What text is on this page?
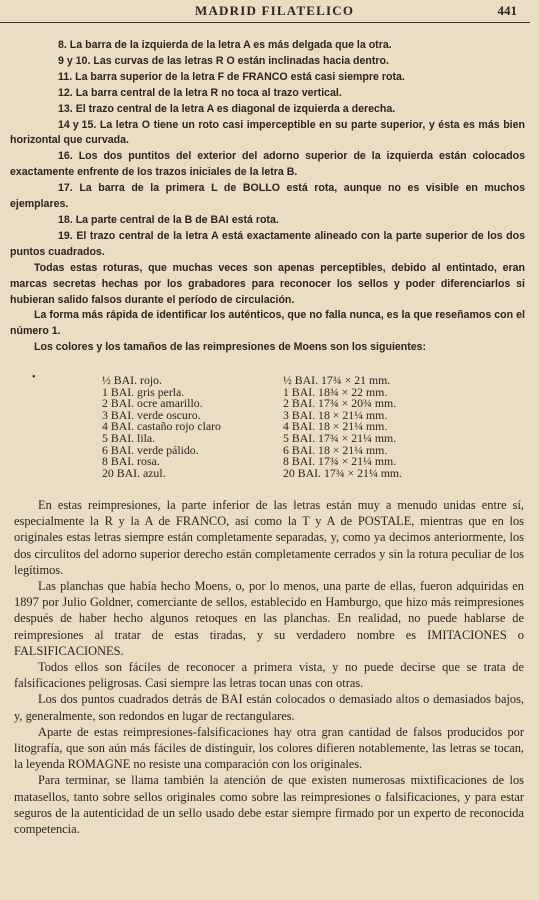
MADRID FILATELICO	441

8. La barra de la izquierda de la letra A es más delgada que la otra.

9 y 10. Las curvas de las letras R O están inclinadas hacia dentro.

11. La barra superior de la letra F de FRANCO está casi siempre rota.

12. La barra central de la letra R no toca al trazo vertical.

13. El trazo central de la letra A es diagonal de izquierda a derecha.

14 y 15. La letra O tiene un roto casi imperceptible en su parte superior, y ésta es más bien horizontal que curvada.

16. Los dos puntitos del exterior del adorno superior de la izquierda están colocados exactamente enfrente de los trazos iniciales de la letra B.

17. La barra de la primera L de BOLLO está rota, aunque no es visible en muchos ejemplares.

18. La parte central de la B de BAI está rota.

19. El trazo central de la letra A está exactamente alineado con la parte superior de los dos puntos cuadrados.

Todas estas roturas, que muchas veces son apenas perceptibles, debido al entintado, eran marcas secretas hechas por los grabadores para reconocer los sellos y poder diferenciarlos si hubieran salido falsos durante el período de circulación.

La forma más rápida de identificar los auténticos, que no falla nunca, es la que reseñamos con el número 1.

Los colores y los tamaños de las reimpresiones de Moens son los siguientes:

•	½ BAI. rojo.
1 BAI. gris perla.
2 BAI. ocre amarillo.
3 BAI. verde oscuro.
4 BAI. castaño rojo claro
5 BAI. lila.
6 BAI. verde pálido.
8 BAI. rosa.
20 BAI. azul.
½ BAI. 17¾ × 21 mm.
1 BAI. 18¾ × 22 mm.
2 BAI. 17¾ × 20¾ mm.
3 BAI. 18 × 21¼ mm.
4 BAI. 18 × 21¼ mm.
5 BAI. 17¾ × 21¼ mm.
6 BAI. 18 × 21¼ mm.
8 BAI. 17¾ × 21¼ mm.
20 BAI. 17¾ × 21¼ mm.

En estas reimpresiones, la parte inferior de las letras están muy a menudo unidas entre sí, especialmente la R y la A de FRANCO, así como la T y A de POSTALE, mientras que en los originales estas letras siempre están completamente separadas, y, como ya decimos anteriormente, los dos circulitos del adorno superior derecho están completamente cerrados y sin la rotura peculiar de los legítimos.

Las planchas que había hecho Moens, o, por lo menos, una parte de ellas, fueron adquiridas en 1897 por Julio Goldner, comerciante de sellos, establecido en Hamburgo, que hizo más reimpresiones después de haber hecho algunos retoques en las planchas. En realidad, no puede hablarse de reimpresiones al tratar de estas tiradas, y su verdadero nombre es IMITACIONES o FALSIFICACIONES.

Todos ellos son fáciles de reconocer a primera vista, y no puede decirse que se trata de falsificaciones peligrosas. Casi siempre las letras tocan unas con otras.

Los dos puntos cuadrados detrás de BAI están colocados o demasiado altos o demasiados bajos, y, generalmente, son redondos en lugar de rectangulares.

Aparte de estas reimpresiones-falsificaciones hay otra gran cantidad de falsos producidos por litografía, que son aún más fáciles de distinguir, los colores difieren notablemente, las letras se tocan, la leyenda ROMAGNE no resiste una comparación con los originales.

Para terminar, se llama también la atención de que existen numerosas mixtificaciones de los matasellos, tanto sobre sellos originales como sobre las reimpresiones o falsificaciones, y para estar seguros de la autenticidad de un sello usado debe estar siempre firmado por un experto de reconocida competencia.
